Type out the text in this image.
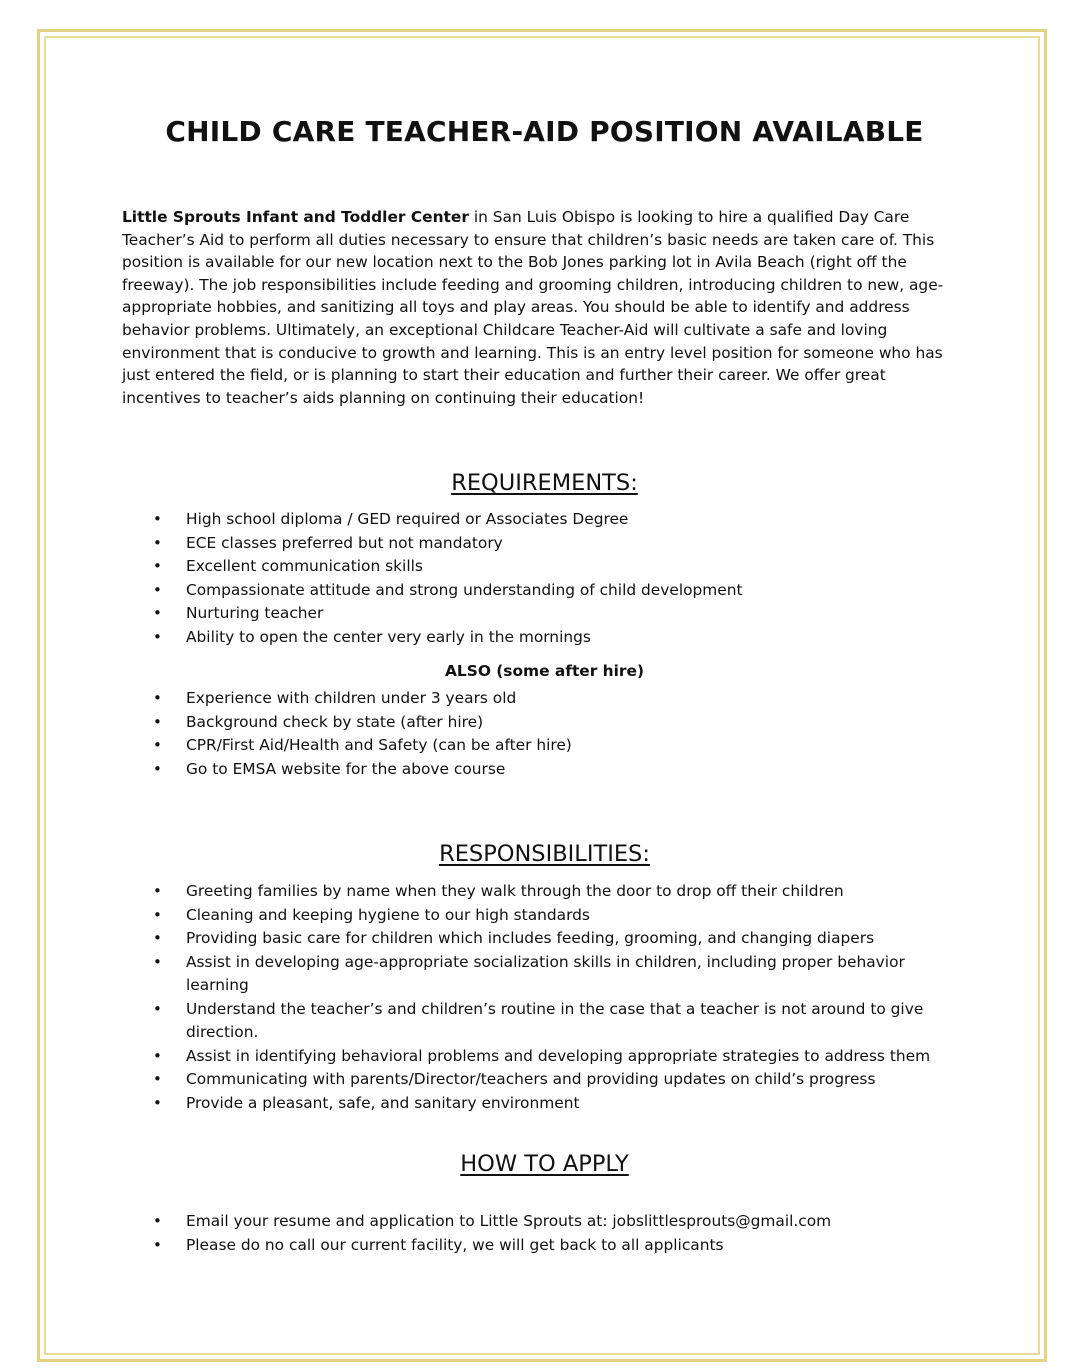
CHILD CARE TEACHER-AID POSITION AVAILABLE

Little Sprouts Infant and Toddler Center in San Luis Obispo is looking to hire a qualified Day Care Teacher’s Aid to perform all duties necessary to ensure that children’s basic needs are taken care of. This position is available for our new location next to the Bob Jones parking lot in Avila Beach (right off the freeway). The job responsibilities include feeding and grooming children, introducing children to new, age-appropriate hobbies, and sanitizing all toys and play areas. You should be able to identify and address behavior problems. Ultimately, an exceptional Childcare Teacher-Aid will cultivate a safe and loving environment that is conducive to growth and learning. This is an entry level position for someone who has just entered the field, or is planning to start their education and further their career. We offer great incentives to teacher’s aids planning on continuing their education!

REQUIREMENTS:
• High school diploma / GED required or Associates Degree
• ECE classes preferred but not mandatory
• Excellent communication skills
• Compassionate attitude and strong understanding of child development
• Nurturing teacher
• Ability to open the center very early in the mornings
ALSO (some after hire)
• Experience with children under 3 years old
• Background check by state (after hire)
• CPR/First Aid/Health and Safety (can be after hire)
• Go to EMSA website for the above course
RESPONSIBILITIES:
• Greeting families by name when they walk through the door to drop off their children
• Cleaning and keeping hygiene to our high standards
• Providing basic care for children which includes feeding, grooming, and changing diapers
• Assist in developing age-appropriate socialization skills in children, including proper behavior learning
• Understand the teacher’s and children’s routine in the case that a teacher is not around to give direction.
• Assist in identifying behavioral problems and developing appropriate strategies to address them
• Communicating with parents/Director/teachers and providing updates on child’s progress
• Provide a pleasant, safe, and sanitary environment
HOW TO APPLY
• Email your resume and application to Little Sprouts at: jobslittlesprouts@gmail.com
• Please do no call our current facility, we will get back to all applicants
